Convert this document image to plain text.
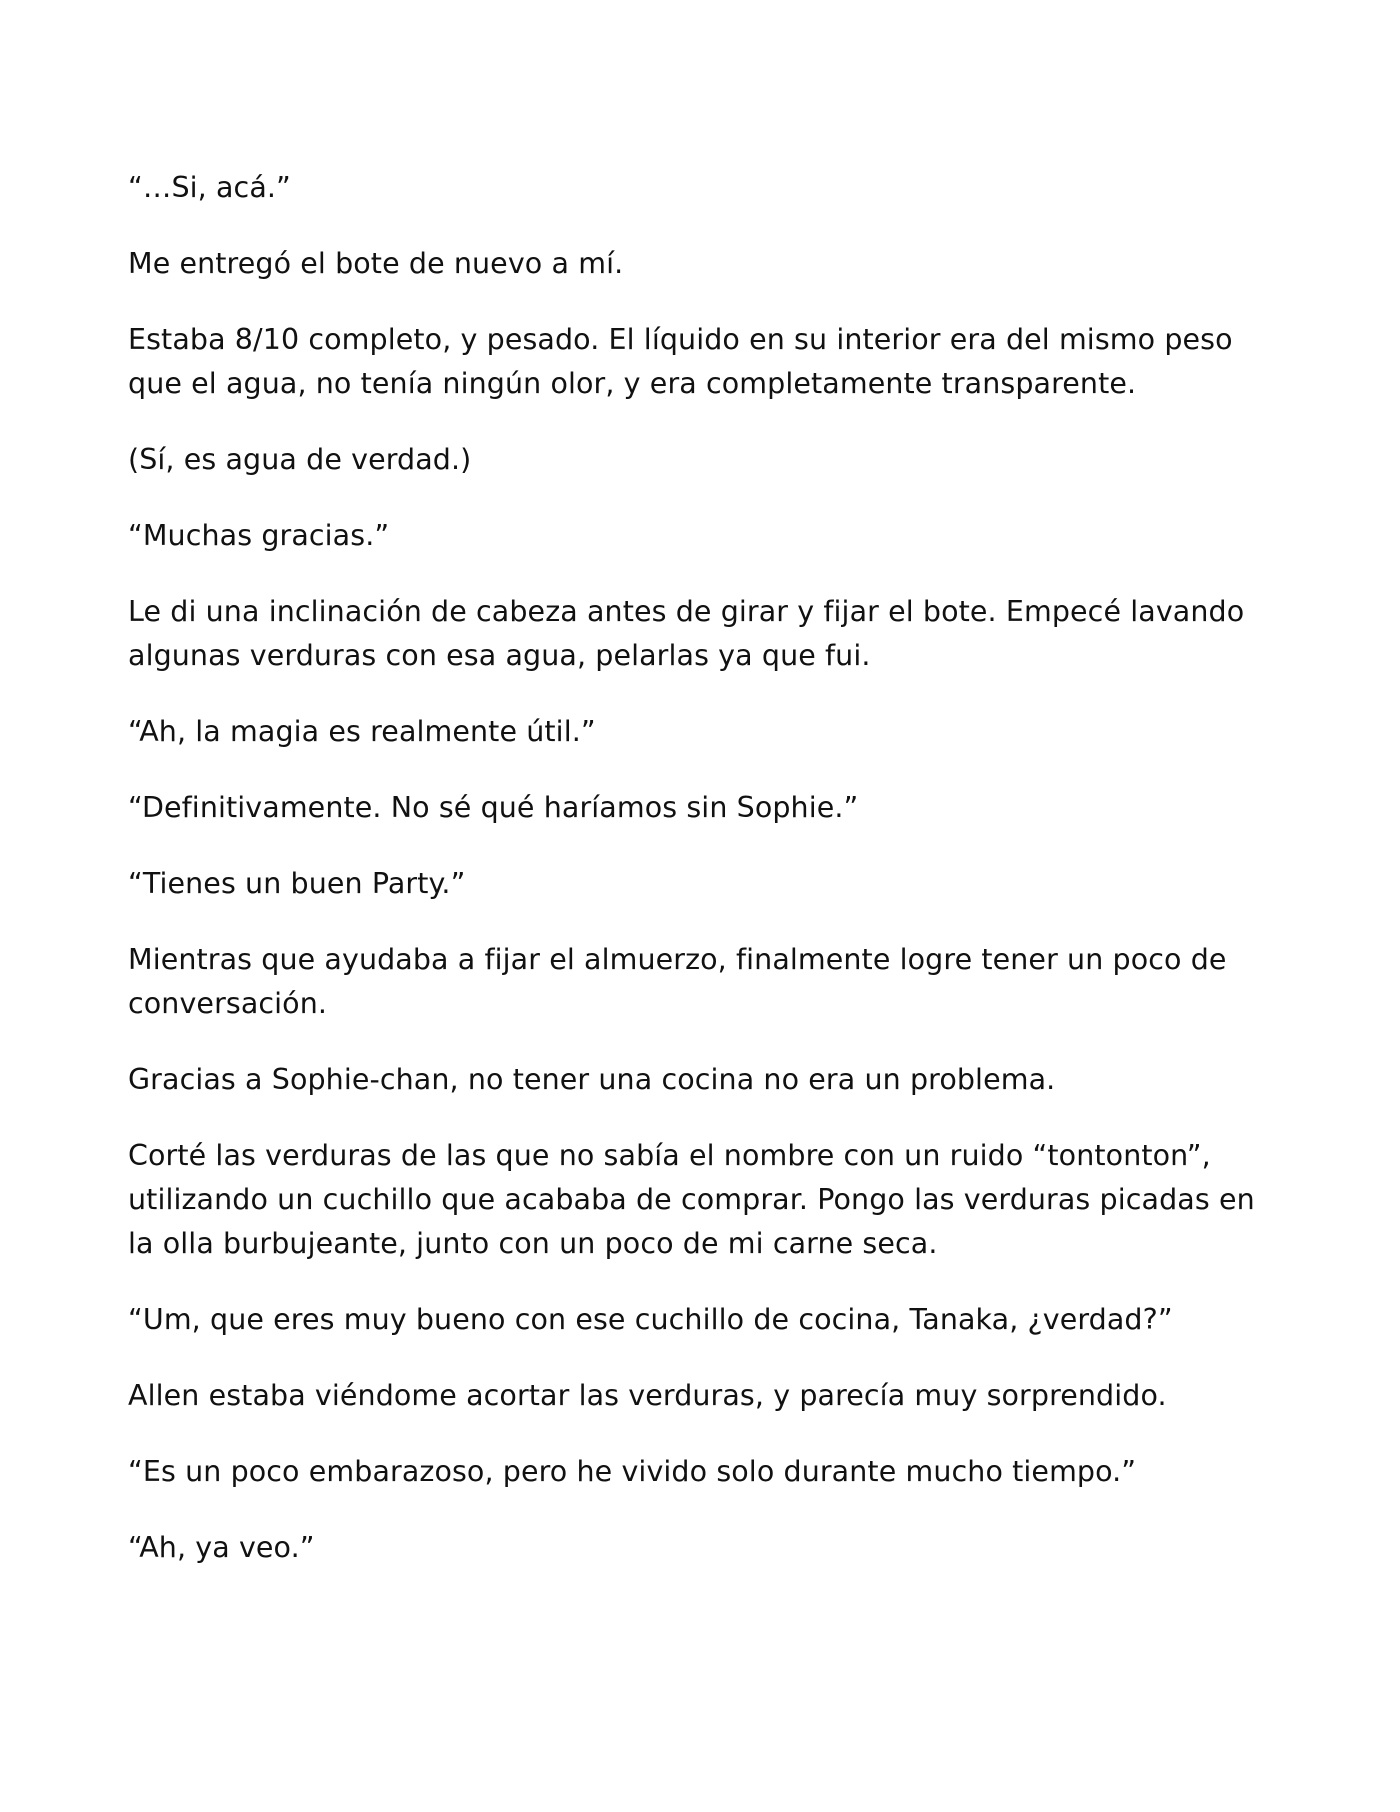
“…Si, acá.”

Me entregó el bote de nuevo a mí.

Estaba 8/10 completo, y pesado. El líquido en su interior era del mismo peso que el agua, no tenía ningún olor, y era completamente transparente.

(Sí, es agua de verdad.)

“Muchas gracias.”

Le di una inclinación de cabeza antes de girar y fijar el bote. Empecé lavando algunas verduras con esa agua, pelarlas ya que fui.

“Ah, la magia es realmente útil.”

“Definitivamente. No sé qué haríamos sin Sophie.”

“Tienes un buen Party.”

Mientras que ayudaba a fijar el almuerzo, finalmente logre tener un poco de conversación.

Gracias a Sophie-chan, no tener una cocina no era un problema.

Corté las verduras de las que no sabía el nombre con un ruido “tontonton”, utilizando un cuchillo que acababa de comprar. Pongo las verduras picadas en la olla burbujeante, junto con un poco de mi carne seca.

“Um, que eres muy bueno con ese cuchillo de cocina, Tanaka, ¿verdad?”

Allen estaba viéndome acortar las verduras, y parecía muy sorprendido.

“Es un poco embarazoso, pero he vivido solo durante mucho tiempo.”

“Ah, ya veo.”
